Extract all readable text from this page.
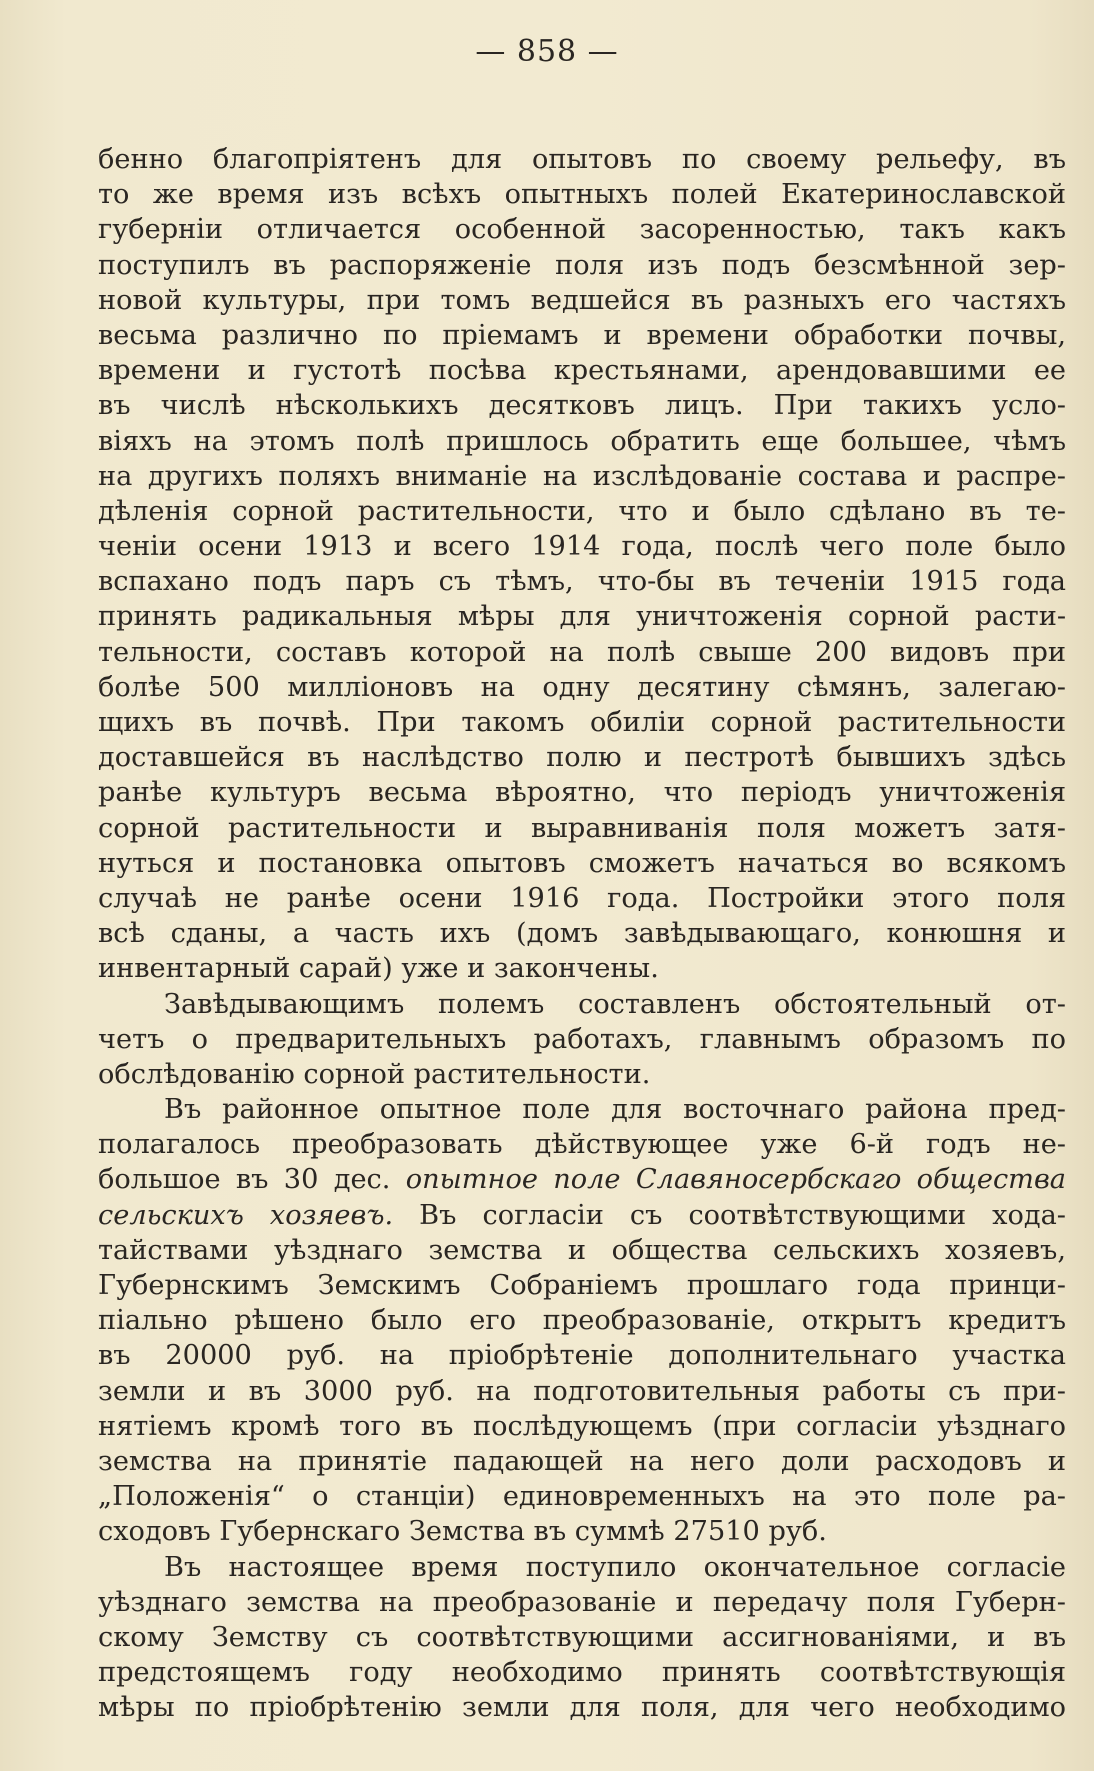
— 858 —
бенно благопріятенъ для опытовъ по своему рельефу, въ
то же время изъ всѣхъ опытныхъ полей Екатеринославской
губерніи отличается особенной засоренностью, такъ какъ
поступилъ въ распоряженіе поля изъ подъ безсмѣнной зер-
новой культуры, при томъ ведшейся въ разныхъ его частяхъ
весьма различно по пріемамъ и времени обработки почвы,
времени и густотѣ посѣва крестьянами, арендовавшими ее
въ числѣ нѣсколькихъ десятковъ лицъ. При такихъ усло-
віяхъ на этомъ полѣ пришлось обратить еще большее, чѣмъ
на другихъ поляхъ вниманіе на изслѣдованіе состава и распре-
дѣленія сорной растительности, что и было сдѣлано въ те-
ченіи осени 1913 и всего 1914 года, послѣ чего поле было
вспахано подъ паръ съ тѣмъ, что-бы въ теченіи 1915 года
принять радикальныя мѣры для уничтоженія сорной расти-
тельности, составъ которой на полѣ свыше 200 видовъ при
болѣе 500 милліоновъ на одну десятину сѣмянъ, залегаю-
щихъ въ почвѣ. При такомъ обиліи сорной растительности
доставшейся въ наслѣдство полю и пестротѣ бывшихъ здѣсь
ранѣе культуръ весьма вѣроятно, что періодъ уничтоженія
сорной растительности и выравниванія поля можетъ затя-
нуться и постановка опытовъ сможетъ начаться во всякомъ
случаѣ не ранѣе осени 1916 года. Постройки этого поля
всѣ сданы, а часть ихъ (домъ завѣдывающаго, конюшня и
инвентарный сарай) уже и закончены.
Завѣдывающимъ полемъ составленъ обстоятельный от-
четъ о предварительныхъ работахъ, главнымъ образомъ по
обслѣдованію сорной растительности.
Въ районное опытное поле для восточнаго района пред-
полагалось преобразовать дѣйствующее уже 6-й годъ не-
большое въ 30 дес. опытное поле Славяносербскаго общества
сельскихъ хозяевъ. Въ согласіи съ соотвѣтствующими хода-
тайствами уѣзднаго земства и общества сельскихъ хозяевъ,
Губернскимъ Земскимъ Собраніемъ прошлаго года принци-
піально рѣшено было его преобразованіе, открытъ кредитъ
въ 20000 руб. на пріобрѣтеніе дополнительнаго участка
земли и въ 3000 руб. на подготовительныя работы съ при-
нятіемъ кромѣ того въ послѣдующемъ (при согласіи уѣзднаго
земства на принятіе падающей на него доли расходовъ и
„Положенія“ о станціи) единовременныхъ на это поле ра-
сходовъ Губернскаго Земства въ суммѣ 27510 руб.
Въ настоящее время поступило окончательное согласіе
уѣзднаго земства на преобразованіе и передачу поля Губерн-
скому Земству съ соотвѣтствующими ассигнованіями, и въ
предстоящемъ году необходимо принять соотвѣтствующія
мѣры по пріобрѣтенію земли для поля, для чего необходимо
